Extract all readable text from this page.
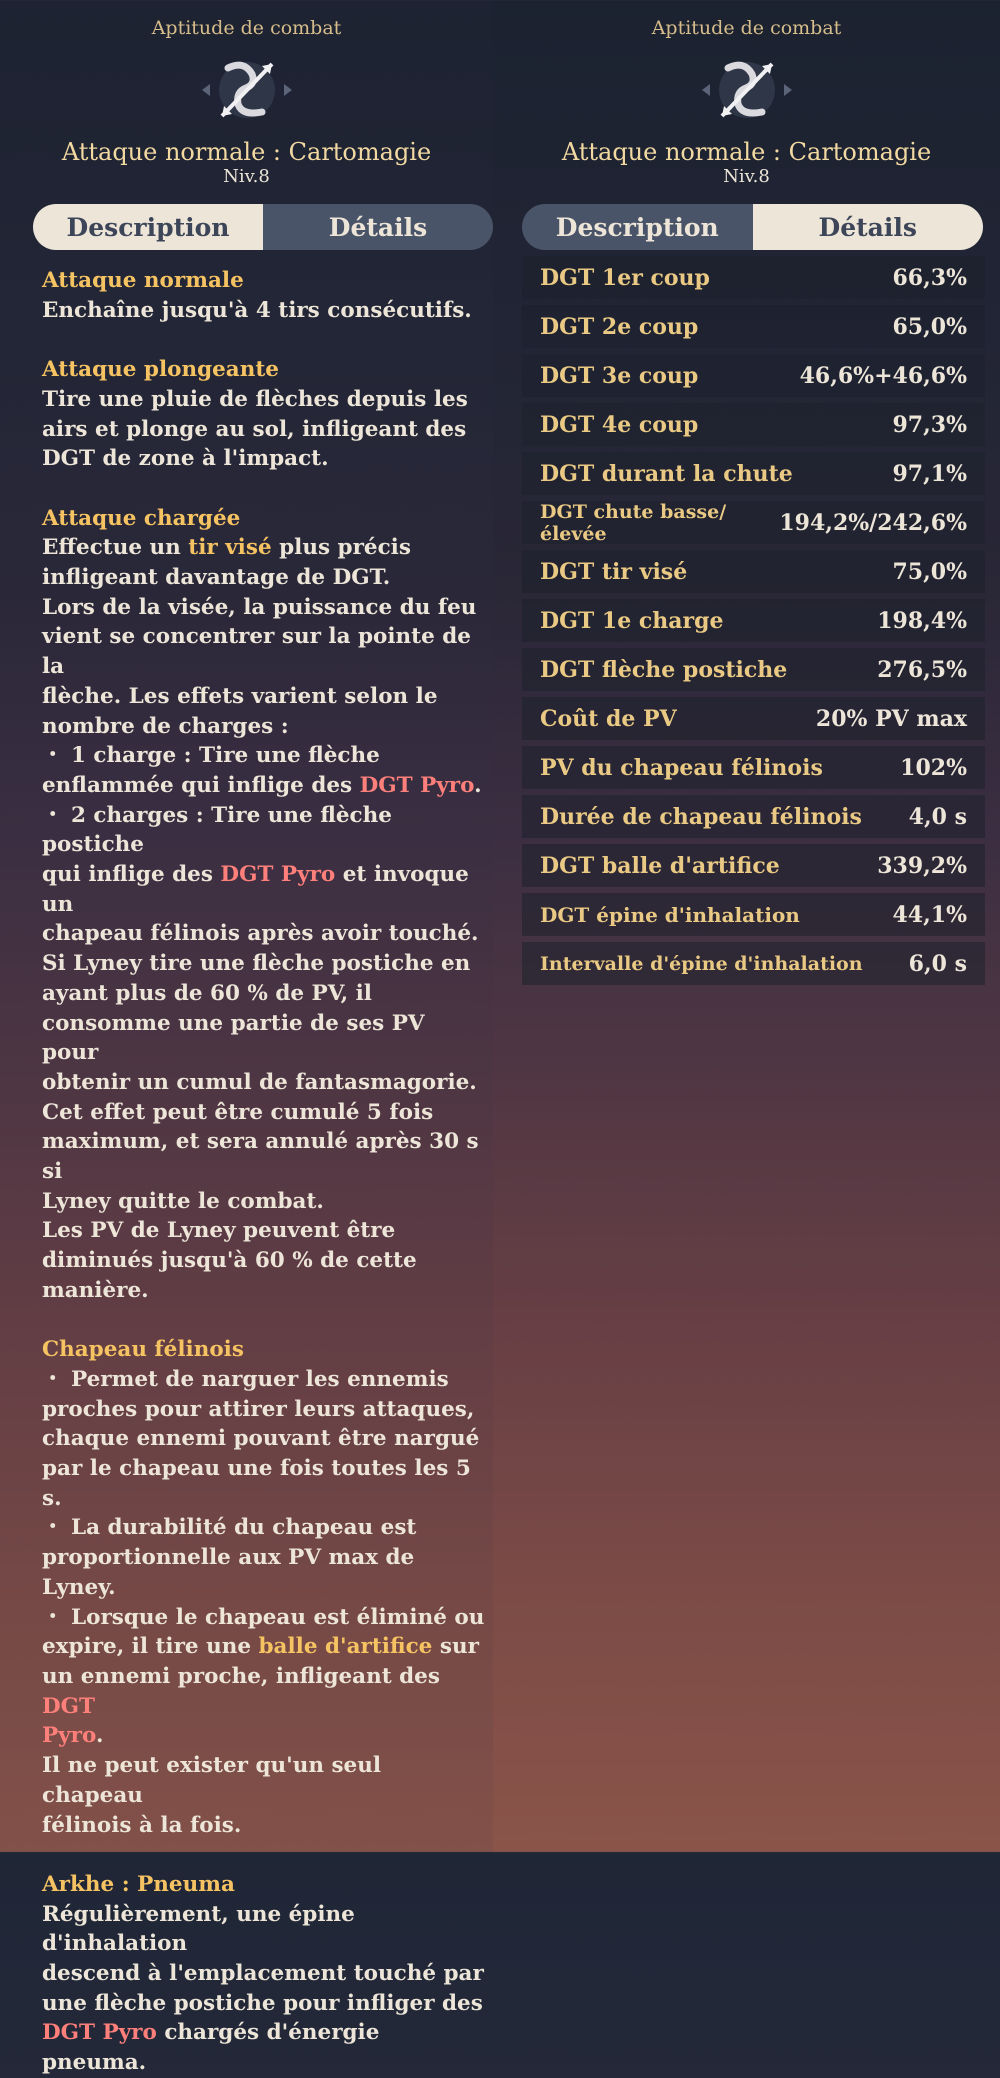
Aptitude de combat
Attaque normale : Cartomagie
Niv.8
Description	Détails
Attaque normale
Enchaîne jusqu'à 4 tirs consécutifs.
Attaque plongeante
Tire une pluie de flèches depuis les
airs et plonge au sol, infligeant des
DGT de zone à l'impact.
Attaque chargée
Effectue un tir visé plus précis
infligeant davantage de DGT.
Lors de la visée, la puissance du feu
vient se concentrer sur la pointe de la
flèche. Les effets varient selon le
nombre de charges :
・ 1 charge : Tire une flèche
enflammée qui inflige des DGT Pyro.
・ 2 charges : Tire une flèche postiche
qui inflige des DGT Pyro et invoque un
chapeau félinois après avoir touché.
Si Lyney tire une flèche postiche en
ayant plus de 60 % de PV, il
consomme une partie de ses PV pour
obtenir un cumul de fantasmagorie.
Cet effet peut être cumulé 5 fois
maximum, et sera annulé après 30 s si
Lyney quitte le combat.
Les PV de Lyney peuvent être
diminués jusqu'à 60 % de cette
manière.
Chapeau félinois
・ Permet de narguer les ennemis
proches pour attirer leurs attaques,
chaque ennemi pouvant être nargué
par le chapeau une fois toutes les 5 s.
・ La durabilité du chapeau est
proportionnelle aux PV max de Lyney.
・ Lorsque le chapeau est éliminé ou
expire, il tire une balle d'artifice sur
un ennemi proche, infligeant des DGT
Pyro.
Il ne peut exister qu'un seul chapeau
félinois à la fois.
Arkhe : Pneuma
Régulièrement, une épine d'inhalation
descend à l'emplacement touché par
une flèche postiche pour infliger des
DGT Pyro chargés d'énergie pneuma.
Aptitude de combat
Attaque normale : Cartomagie
Niv.8
Description	Détails
DGT 1er coup	66,3%
DGT 2e coup	65,0%
DGT 3e coup	46,6%+46,6%
DGT 4e coup	97,3%
DGT durant la chute	97,1%
DGT chute basse/élevée	194,2%/242,6%
DGT tir visé	75,0%
DGT 1e charge	198,4%
DGT flèche postiche	276,5%
Coût de PV	20% PV max
PV du chapeau félinois	102%
Durée de chapeau félinois 4,0 s
DGT balle d'artifice	339,2%
DGT épine d'inhalation	44,1%
Intervalle d'épine d'inhalation 6,0 s
